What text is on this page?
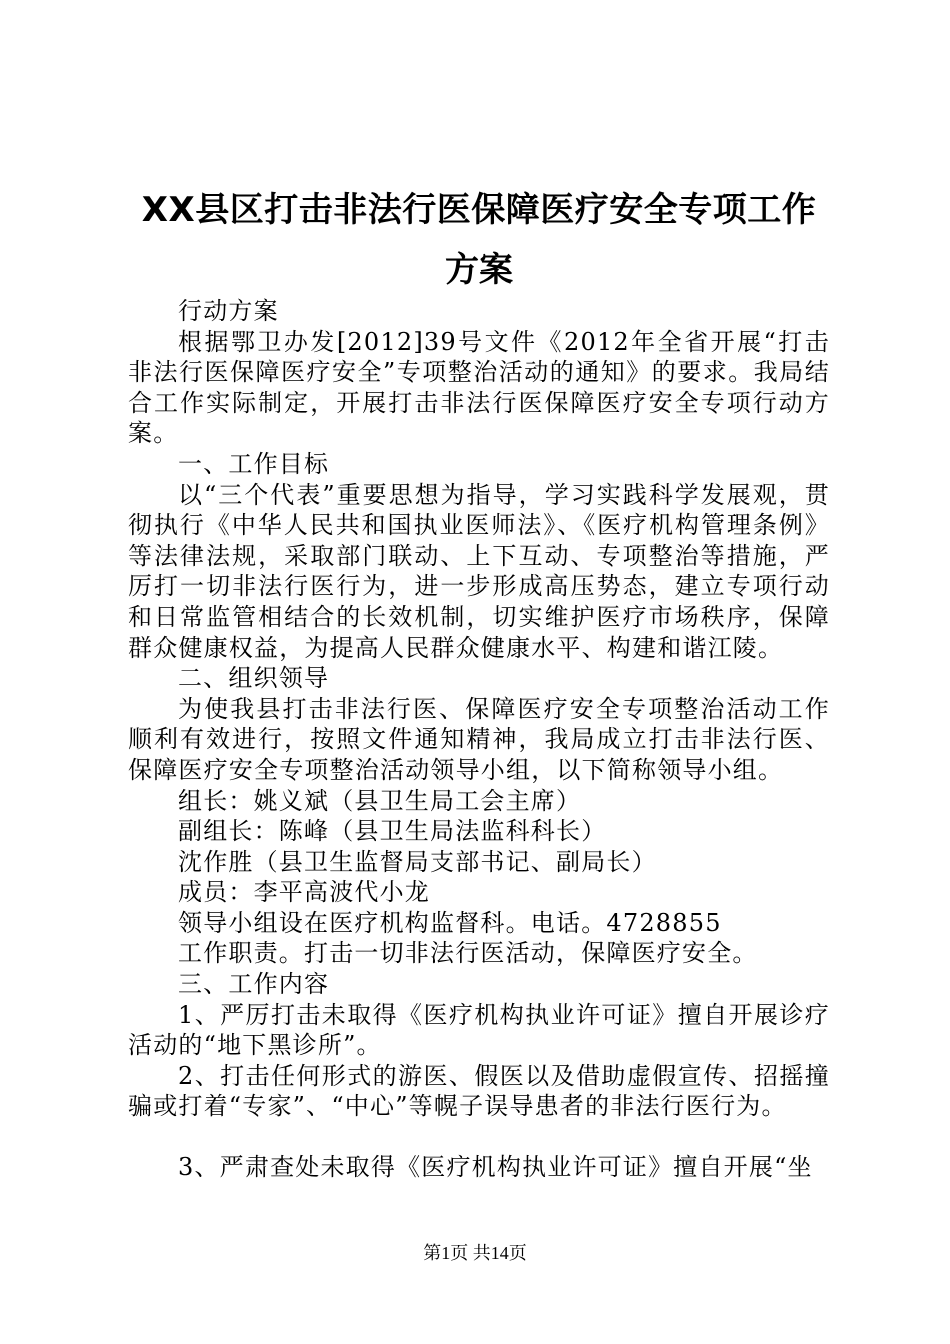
XX县区打击非法行医保障医疗安全专项工作
方案

行动方案

根据鄂卫办发[2012]39号文件《2012年全省开展“打击非法行医保障医疗安全”专项整治活动的通知》的要求。我局结合工作实际制定，开展打击非法行医保障医疗安全专项行动方案。

一、工作目标

以“三个代表”重要思想为指导，学习实践科学发展观，贯彻执行《中华人民共和国执业医师法》、《医疗机构管理条例》等法律法规，采取部门联动、上下互动、专项整治等措施，严厉打一切非法行医行为，进一步形成高压势态，建立专项行动和日常监管相结合的长效机制，切实维护医疗市场秩序，保障群众健康权益，为提高人民群众健康水平、构建和谐江陵。

二、组织领导

为使我县打击非法行医、保障医疗安全专项整治活动工作顺利有效进行，按照文件通知精神，我局成立打击非法行医、保障医疗安全专项整治活动领导小组，以下简称领导小组。

组长：姚义斌（县卫生局工会主席）

副组长：陈峰（县卫生局法监科科长）

沈作胜（县卫生监督局支部书记、副局长）

成员：李平高波代小龙

领导小组设在医疗机构监督科。电话。4728855

工作职责。打击一切非法行医活动，保障医疗安全。

三、工作内容

1、严厉打击未取得《医疗机构执业许可证》擅自开展诊疗活动的“地下黑诊所”。

2、打击任何形式的游医、假医以及借助虚假宣传、招摇撞骗或打着“专家”、“中心”等幌子误导患者的非法行医行为。

3、严肃查处未取得《医疗机构执业许可证》擅自开展“坐

第1页 共14页
